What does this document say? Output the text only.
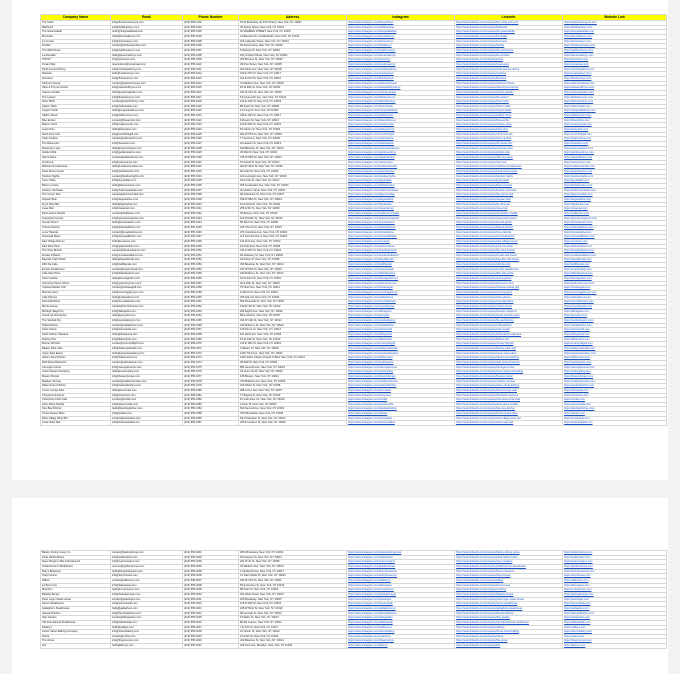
Company Name	Email	Phone Number	Address	Instagram	LinkedIn	Website Link
The Sushi	info@thesushinewyork.com	(212) 555-0101	15 W Broadway (at 27th Street), New York, NY 10001	https://www.instagram.com/thesushinyc	https://www.linkedin.com/company/the-sushi-new-york	https://thesushinewyork.com
Bellboard	info@bellboardnyc.com	(212) 555-0102	26 Spring Street, New York, NY 10012	https://www.instagram.com/bellboardnyc	https://www.linkedin.com/company/bellboard	https://bellboardnyc.com
The Great Kabab	order@thegreatkabab.com	(212) 555-0103	40 WARREN STREET, New York, NY 10007	https://www.instagram.com/thegreatkabab	https://www.linkedin.com/company/the-great-kabab	https://thegreatkabab.com
Bombelle	hello@bombellenyc.com	(212) 555-0104	41 Bleecker St, (At Elizabeth), New York, NY 10012	https://www.instagram.com/bombellenyc	https://www.linkedin.com/company/bombelle	https://bombellenyc.com
La Crossa	info@lacrossanyc.com	(212) 555-0105	100 Lafayette Street, New York, NY 10013	https://www.instagram.com/lacrossanyc	https://www.linkedin.com/company/la-crossa	https://lacrossanyc.com
Frankie	contact@frankiespuntino.com	(212) 555-0106	92 Second Ave, New York, NY 10003	https://www.instagram.com/frankienyc	https://www.linkedin.com/company/frankie	https://frankiespuntino.com
The Wolf House	info@wolfhousenyc.com	(212) 555-0107	5 Waverly Pl, New York, NY 10003	https://www.instagram.com/wolfhousenyc	https://www.linkedin.com/company/the-wolf-house	https://wolfhousenyc.com
La Mercado	hello@lamercadonyc.com	(212) 555-0108	181 Orchard Street, New York, NY 10002	https://www.instagram.com/lamercadonyc	https://www.linkedin.com/company/la-mercado	https://lamercadonyc.com
PIXXIO	info@pixxionyc.com	(212) 555-0109	325 Broome St, New York, NY 10002	https://www.instagram.com/pixxionyc	https://www.linkedin.com/company/pixxio	https://pixxionyc.com
Ocean Way	reservations@oceanway.com	(212) 555-0110	29 Pine Street, New York, NY 10005	https://www.instagram.com/oceanwaynyc	https://www.linkedin.com/company/ocean-way	https://oceanway.com
Ninth Avenue Dining	info@ninthavedining.com	(212) 555-0111	462 Ninth Ave, New York, NY 10018	https://www.instagram.com/ninthavedining	https://www.linkedin.com/company/ninth-avenue-dining	https://ninthavedining.com
Marlowe	hello@marlowenyc.com	(212) 555-0112	150 E 47th St, New York, NY 10017	https://www.instagram.com/marlowenyc	https://www.linkedin.com/company/marlowe	https://marlowenyc.com
Firestone	info@firestonenyc.com	(212) 555-0113	110 E 23rd St, New York, NY 10010	https://www.instagram.com/firestonenyc	https://www.linkedin.com/company/firestone	https://firestonenyc.com
Paterson House	contact@patersonhouse.com	(212) 555-0114	72 Madison Ave, New York, NY 10016	https://www.instagram.com/patersonhouse	https://www.linkedin.com/company/paterson-house	https://patersonhouse.com
Olive & Thyme Kitchen	info@oliveandthyme.com	(212) 555-0115	18 W 29th St, New York, NY 10001	https://www.instagram.com/oliveandthymenyc	https://www.linkedin.com/company/olive-thyme-kitchen	https://oliveandthyme.com
Uptown Garden	hello@uptowngarden.com	(212) 555-0116	331 W 51st St, New York, NY 10019	https://www.instagram.com/uptowngarden	https://www.linkedin.com/company/uptown-garden	https://uptowngarden.com
The Lantern	info@thelanternnyc.com	(212) 555-0117	54 Greenwich Ave, New York, NY 10011	https://www.instagram.com/thelanternnyc	https://www.linkedin.com/company/the-lantern	https://thelanternnyc.com
Silver Birch	contact@silverbirchnyc.com	(212) 555-0118	212 E 10th St, New York, NY 10003	https://www.instagram.com/silverbirchnyc	https://www.linkedin.com/company/silver-birch	https://silverbirchnyc.com
Harbor Table	info@harbortable.com	(212) 555-0119	88 South St, New York, NY 10038	https://www.instagram.com/harbortable	https://www.linkedin.com/company/harbor-table	https://harbortable.com
Copper Kettle	hello@copperkettlenyc.com	(212) 555-0120	14 Irving Pl, New York, NY 10003	https://www.instagram.com/copperkettlenyc	https://www.linkedin.com/company/copper-kettle	https://copperkettlenyc.com
Saffron Room	info@saffronroom.com	(212) 555-0121	245 E 44th St, New York, NY 10017	https://www.instagram.com/saffronroom	https://www.linkedin.com/company/saffron-room	https://saffronroom.com
Blue Ember	contact@blueember.com	(212) 555-0122	9 Doyers St, New York, NY 10013	https://www.instagram.com/blueembernyc	https://www.linkedin.com/company/blue-ember	https://blueember.com
Maison Verte	info@maisonverte.com	(212) 555-0123	120 E 56th St, New York, NY 10022	https://www.instagram.com/maisonverte	https://www.linkedin.com/company/maison-verte	https://maisonverte.com
Lucky Pine	hello@luckypine.com	(212) 555-0124	63 Clinton St, New York, NY 10002	https://www.instagram.com/luckypinenyc	https://www.linkedin.com/company/lucky-pine	https://luckypine.com
North Fork Grill	info@northforkgrill.com	(212) 555-0125	301 W 57th St, New York, NY 10019	https://www.instagram.com/northforkgrill	https://www.linkedin.com/company/north-fork-grill	https://northforkgrill.com
Cielo Cantina	contact@cielocantina.com	(212) 555-0126	77 Avenue A, New York, NY 10009	https://www.instagram.com/cielocantina	https://www.linkedin.com/company/cielo-cantina	https://cielocantina.com
The Brass Hen	info@brasshen.com	(212) 555-0127	44 Hudson St, New York, NY 10013	https://www.instagram.com/thebrasshen	https://www.linkedin.com/company/the-brass-hen	https://brasshen.com
Rosemary Lane	hello@rosemarylane.com	(212) 555-0128	190 Bleecker St, New York, NY 10012	https://www.instagram.com/rosemarylanenyc	https://www.linkedin.com/company/rosemary-lane	https://rosemarylane.com
Golden Wok	info@goldenwoknyc.com	(212) 555-0129	36 Mott St, New York, NY 10013	https://www.instagram.com/goldenwoknyc	https://www.linkedin.com/company/golden-wok	https://goldenwoknyc.com
Salt & Stone	contact@saltandstone.com	(212) 555-0130	215 W 28th St, New York, NY 10001	https://www.instagram.com/saltandstone	https://www.linkedin.com/company/salt-and-stone	https://saltandstone.com
Via Roma	info@viaromanyc.com	(212) 555-0131	51 Grand St, New York, NY 10013	https://www.instagram.com/viaromanyc	https://www.linkedin.com/company/via-roma	https://viaromanyc.com
Midtown Smokehouse	hello@midtownsmoke.com	(212) 555-0132	400 W 42nd St, New York, NY 10036	https://www.instagram.com/midtownsmoke	https://www.linkedin.com/company/midtown-smokehouse	https://midtownsmoke.com
Pearl Street Oyster	info@pearlstoyster.com	(212) 555-0133	60 Pearl St, New York, NY 10004	https://www.instagram.com/pearlstoyster	https://www.linkedin.com/company/pearl-street-oyster	https://pearlstoyster.com
Tandoor Nights	contact@tandoornights.com	(212) 555-0134	122 Lexington Ave, New York, NY 10016	https://www.instagram.com/tandoornights	https://www.linkedin.com/company/tandoor-nights	https://tandoornights.com
Kyoto Table	info@kyototable.com	(212) 555-0135	18 E 41st St, New York, NY 10017	https://www.instagram.com/kyototable	https://www.linkedin.com/company/kyoto-table	https://kyototable.com
Bistro Lumiere	hello@bistrolumiere.com	(212) 555-0136	305 Amsterdam Ave, New York, NY 10023	https://www.instagram.com/bistrolumiere	https://www.linkedin.com/company/bistro-lumiere	https://bistrolumiere.com
Hudson Yard Eats	info@hudsonyardeats.com	(212) 555-0137	20 Hudson Yards, New York, NY 10001	https://www.instagram.com/hudsonyardeats	https://www.linkedin.com/company/hudson-yard-eats	https://hudsonyardeats.com
The Corner Deli	contact@thecornerdeli.com	(212) 555-0138	99 Chambers St, New York, NY 10007	https://www.instagram.com/thecornerdeli	https://www.linkedin.com/company/the-corner-deli	https://thecornerdeli.com
Aegean Blue	info@aegeanblue.com	(212) 555-0139	158 W 58th St, New York, NY 10019	https://www.instagram.com/aegeanblue	https://www.linkedin.com/company/aegean-blue	https://aegeanblue.com
Fig & Olive Bar	hello@figolivebar.com	(212) 555-0140	10 E 52nd St, New York, NY 10022	https://www.instagram.com/figolivebar	https://www.linkedin.com/company/fig-olive-bar	https://figolivebar.com
Casa Miel	info@casamiel.com	(212) 555-0141	255 E 5th St, New York, NY 10003	https://www.instagram.com/casamielnyc	https://www.linkedin.com/company/casa-miel	https://casamiel.com
Red Lantern Noodle	contact@redlantern.com	(212) 555-0142	46 Bowery, New York, NY 10013	https://www.instagram.com/redlanternnoodle	https://www.linkedin.com/company/red-lantern-noodle	https://redlantern.com
Greenpoint Grocer	info@greenpointgrocer.com	(212) 555-0143	113 Franklin St, New York, NY 10013	https://www.instagram.com/greenpointgrocer	https://www.linkedin.com/company/greenpoint-grocer	https://greenpointgrocer.com
Sunset Tavern	hello@sunsettavern.com	(212) 555-0144	85 West St, New York, NY 10006	https://www.instagram.com/sunsettavern	https://www.linkedin.com/company/sunset-tavern	https://sunsettavern.com
Tribeca Kitchen	info@tribecakitchen.com	(212) 555-0145	160 Church St, New York, NY 10007	https://www.instagram.com/tribecakitchen	https://www.linkedin.com/company/tribeca-kitchen	https://tribecakitchen.com
Luna Trattoria	contact@lunatrattoria.com	(212) 555-0146	274 Columbus Ave, New York, NY 10023	https://www.instagram.com/lunatrattoria	https://www.linkedin.com/company/luna-trattoria	https://lunatrattoria.com
Stonewall Bistro	info@stonewallbistro.com	(212) 555-0147	113 Seventh Ave S, New York, NY 10014	https://www.instagram.com/stonewallbistro	https://www.linkedin.com/company/stonewall-bistro	https://stonewallbistro.com
East Village Ramen	hello@evramen.com	(212) 555-0148	141 First Ave, New York, NY 10003	https://www.instagram.com/evramen	https://www.linkedin.com/company/east-village-ramen	https://evramen.com
Park Row Diner	info@parkrowdiner.com	(212) 555-0149	15 Park Row, New York, NY 10038	https://www.instagram.com/parkrowdiner	https://www.linkedin.com/company/park-row-diner	https://parkrowdiner.com
The Olive Branch	contact@theolivebranch.com	(212) 555-0150	231 E 50th St, New York, NY 10022	https://www.instagram.com/theolivebranch	https://www.linkedin.com/company/the-olive-branch	https://theolivebranch.com
Smoke & Barrel	info@smokeandbarrel.com	(212) 555-0151	90 Delancey St, New York, NY 10002	https://www.instagram.com/smokeandbarrel	https://www.linkedin.com/company/smoke-and-barrel	https://smokeandbarrel.com
Bayside Crab Shack	hello@baysidecrab.com	(212) 555-0152	22 Fulton St, New York, NY 10038	https://www.instagram.com/baysidecrab	https://www.linkedin.com/company/bayside-crab-shack	https://baysidecrab.com
Wild Fig Cafe	info@wildfigcafe.com	(212) 555-0153	333 Bleecker St, New York, NY 10014	https://www.instagram.com/wildfigcafe	https://www.linkedin.com/company/wild-fig-cafe	https://wildfigcafe.com
Empire Steakhouse	contact@empiresteak.com	(212) 555-0154	237 W 54th St, New York, NY 10019	https://www.instagram.com/empiresteak	https://www.linkedin.com/company/empire-steakhouse	https://empiresteak.com
Little Italy Pizza	info@littleitalypizza.com	(212) 555-0155	180 Mulberry St, New York, NY 10012	https://www.instagram.com/littleitalypizza	https://www.linkedin.com/company/little-italy-pizza	https://littleitalypizza.com
Seoul Garden	hello@seoulgarden.com	(212) 555-0156	34 W 32nd St, New York, NY 10001	https://www.instagram.com/seoulgardennyc	https://www.linkedin.com/company/seoul-garden	https://seoulgarden.com
Gramercy Tavern Room	info@gramercyroom.com	(212) 555-0157	42 E 20th St, New York, NY 10003	https://www.instagram.com/gramercyroom	https://www.linkedin.com/company/gramercy-room	https://gramercyroom.com
Chelsea Market Grill	contact@chelseagrill.com	(212) 555-0158	75 Ninth Ave, New York, NY 10011	https://www.instagram.com/chelseagrill	https://www.linkedin.com/company/chelsea-market-grill	https://chelseagrill.com
Morning Glory	info@morningglorynyc.com	(212) 555-0159	11 Bond St, New York, NY 10012	https://www.instagram.com/morninggloryny	https://www.linkedin.com/company/morning-glory	https://morningglorynyc.com
Cafe Paloma	hello@cafepaloma.com	(212) 555-0160	205 Allen St, New York, NY 10002	https://www.instagram.com/cafepaloma	https://www.linkedin.com/company/cafe-paloma	https://cafepaloma.com
Riverside Bistro	info@riversidebistro.com	(212) 555-0161	500 Riverside Dr, New York, NY 10027	https://www.instagram.com/riversidebistro	https://www.linkedin.com/company/riverside-bistro	https://riversidebistro.com
Mezze House	contact@mezzehouse.com	(212) 555-0162	133 W 3rd St, New York, NY 10012	https://www.instagram.com/mezzehouse	https://www.linkedin.com/company/mezze-house	https://mezzehouse.com
Brooklyn Bagel Co	info@bkbagelco.com	(212) 555-0163	286 Eighth Ave, New York, NY 10001	https://www.instagram.com/bkbagelco	https://www.linkedin.com/company/brooklyn-bagel-co	https://bkbagelco.com
Grand Central Oyster	hello@gcoyster.com	(212) 555-0164	89 E 42nd St, New York, NY 10017	https://www.instagram.com/gcoyster	https://www.linkedin.com/company/grand-central-oyster	https://gcoyster.com
The Spotted Pig	info@spottedpignyc.com	(212) 555-0165	314 W 11th St, New York, NY 10014	https://www.instagram.com/spottedpignyc	https://www.linkedin.com/company/the-spotted-pig	https://spottedpignyc.com
Nolita Kitchen	contact@nolitakitchen.com	(212) 555-0166	240 Mulberry St, New York, NY 10012	https://www.instagram.com/nolitakitchen	https://www.linkedin.com/company/nolita-kitchen	https://nolitakitchen.com
SoHo Social	info@sohosocial.com	(212) 555-0167	120 Prince St, New York, NY 10012	https://www.instagram.com/sohosocial	https://www.linkedin.com/company/soho-social	https://sohosocial.com
Hell's Kitchen Taqueria	hello@hktaqueria.com	(212) 555-0168	611 Ninth Ave, New York, NY 10036	https://www.instagram.com/hktaqueria	https://www.linkedin.com/company/hells-kitchen-taqueria	https://hktaqueria.com
Flatiron Pho	info@flatironpho.com	(212) 555-0169	19 W 24th St, New York, NY 10010	https://www.instagram.com/flatironpho	https://www.linkedin.com/company/flatiron-pho	https://flatironpho.com
Murray Hill Grill	contact@murrayhillgrill.com	(212) 555-0170	145 E 35th St, New York, NY 10016	https://www.instagram.com/murrayhillgrill	https://www.linkedin.com/company/murray-hill-grill	https://murrayhillgrill.com
Battery Park Cafe	info@batteryparkcafe.com	(212) 555-0171	1 Battery Pl, New York, NY 10004	https://www.instagram.com/batteryparkcafe	https://www.linkedin.com/company/battery-park-cafe	https://batteryparkcafe.com
Upper East Eatery	hello@uppereasteatery.com	(212) 555-0172	1290 Third Ave, New York, NY 10021	https://www.instagram.com/uppereasteatery	https://www.linkedin.com/company/upper-east-eatery	https://uppereasteatery.com
Harlem Soul Kitchen	info@harlemsoul.com	(212) 555-0173	2245 Adam Clayton Powell Jr Blvd, New York, NY 10027	https://www.instagram.com/harlemsoul	https://www.linkedin.com/company/harlem-soul-kitchen	https://harlemsoul.com
Wall Street Brasserie	contact@wsbrasserie.com	(212) 555-0174	48 Wall St, New York, NY 10005	https://www.instagram.com/wsbrasserie	https://www.linkedin.com/company/wall-street-brasserie	https://wsbrasserie.com
Carnegie Corner	info@carnegiecorner.com	(212) 555-0175	854 Seventh Ave, New York, NY 10019	https://www.instagram.com/carnegiecorner	https://www.linkedin.com/company/carnegie-corner	https://carnegiecorner.com
Union Square Dumpling	hello@usdumpling.com	(212) 555-0176	33 Union Sq W, New York, NY 10003	https://www.instagram.com/usdumpling	https://www.linkedin.com/company/union-square-dumpling	https://usdumpling.com
Bowery Burger	info@boweryburger.com	(212) 555-0177	168 Bowery, New York, NY 10012	https://www.instagram.com/boweryburger	https://www.linkedin.com/company/bowery-burger	https://boweryburger.com
Madison Terrace	contact@madisonterrace.com	(212) 555-0178	700 Madison Ave, New York, NY 10065	https://www.instagram.com/madisonterrace	https://www.linkedin.com/company/madison-terrace	https://madisonterrace.com
Water Street Kitchen	info@waterstkitchen.com	(212) 555-0179	199 Water St, New York, NY 10038	https://www.instagram.com/waterstkitchen	https://www.linkedin.com/company/water-street-kitchen	https://waterstkitchen.com
Lenox Lounge Eats	hello@lenoxeats.com	(212) 555-0180	288 Lenox Ave, New York, NY 10027	https://www.instagram.com/lenoxeats	https://www.linkedin.com/company/lenox-lounge-eats	https://lenoxeats.com
Chinatown Express	info@ctexpress.com	(212) 555-0181	77 Bayard St, New York, NY 10013	https://www.instagram.com/ctexpress	https://www.linkedin.com/company/chinatown-express	https://ctexpress.com
Columbus Circle Cafe	contact@cccafe.com	(212) 555-0182	10 Columbus Cir, New York, NY 10019	https://www.instagram.com/cccafe	https://www.linkedin.com/company/columbus-circle-cafe	https://cccafe.com
Astor Place Noodle	info@astornoodle.com	(212) 555-0183	4 Astor Pl, New York, NY 10003	https://www.instagram.com/astornoodle	https://www.linkedin.com/company/astor-place-noodle	https://astornoodle.com
Kips Bay Kitchen	hello@kipsbaykitchen.com	(212) 555-0184	540 Second Ave, New York, NY 10016	https://www.instagram.com/kipsbaykitchen	https://www.linkedin.com/company/kips-bay-kitchen	https://kipsbaykitchen.com
Times Square Bites	info@tsbites.com	(212) 555-0185	1501 Broadway, New York, NY 10036	https://www.instagram.com/tsbites	https://www.linkedin.com/company/times-square-bites	https://tsbites.com
West Village Wine Bar	contact@wvwinebar.com	(212) 555-0186	59 Christopher St, New York, NY 10014	https://www.instagram.com/wvwinebar	https://www.linkedin.com/company/west-village-wine-bar	https://wvwinebar.com
Lower East Deli	info@lowereastdeli.com	(212) 555-0187	205 E Houston St, New York, NY 10002	https://www.instagram.com/lowereastdeli	https://www.linkedin.com/company/lower-east-deli	https://lowereastdeli.com
Battery Dining Group Co	contact@batterydining.com	(212) 555-0201	1801 Broadway, New York, NY 10019	https://www.instagram.com/batterydininggroup	https://www.linkedin.com/company/battery-dining-group	https://batterydining.com
Pride Harbor Bistro	info@prideharbor.com	(212) 555-0202	36 Peppers St, New York, NY 10013	https://www.instagram.com/prideharbor	https://www.linkedin.com/company/pride-harbor-bistro	https://prideharbor.com
Ryan Morgan's Bar & Restaurant	info@ryanmorgans.com	(212) 555-0203	261 W 34 St, New York, NY 10036	https://www.instagram.com/ryanmorgans	https://www.linkedin.com/company/ryan-morgans	https://ryanmorgans.com
Goldenstone's Steakhouse	reserve@goldenstones.com	(212) 555-0204	45 Madison Ave, New York, NY 10010	https://www.instagram.com/goldenstones	https://www.linkedin.com/company/goldenstones-steakhouse	https://goldenstones.com
Bray's Brasserie	hello@braysbrasserie.com	(212) 555-0205	1 Vanderbilt Ave, New York, NY 10017	https://www.instagram.com/braysbrasserie	https://www.linkedin.com/company/brays-brasserie	https://braysbrasserie.com
Tokyo House	info@tokyohouse.com	(212) 555-0206	14 Saint Marks Pl, New York, NY 10003	https://www.instagram.com/tokyohousenyc	https://www.linkedin.com/company/tokyo-house	https://tokyohouse.com
Willow	contact@willownyc.com	(212) 555-0207	260 W 15th St, New York, NY 10011	https://www.instagram.com/willownyc	https://www.linkedin.com/company/willow	https://willownyc.com
La Boca Ana	info@labocaana.com	(212) 555-0208	50 E Houston St, New York, NY 10012	https://www.instagram.com/labocaana	https://www.linkedin.com/company/la-boca-ana	https://labocaana.com
Murphy's	hello@murphysnyc.com	(212) 555-0209	88 Pearl St, New York, NY 10004	https://www.instagram.com/murphysnyc	https://www.linkedin.com/company/murphys	https://murphysnyc.com
Beltway Burger	info@beltwayburger.com	(212) 555-0210	181 West Street, New York, NY 10007	https://www.instagram.com/beltwayburger	https://www.linkedin.com/company/beltway-burger	https://beltwayburger.com
Peter Luger Steak House	contact@peterluger.com	(212) 555-0211	265 Broadway, New York, NY 10007	https://www.instagram.com/peterluger	https://www.linkedin.com/company/peter-luger-steak-house	https://peterluger.com
Saxon Steakhouse	info@saxonsteak.com	(212) 555-0212	125 E 54th St, New York, NY 10022	https://www.instagram.com/saxonsteak	https://www.linkedin.com/company/saxon-steakhouse	https://saxonsteak.com
Gallagher's Steakhouse	hello@gallaghers.com	(212) 555-0213	228 W 52nd St, New York, NY 10019	https://www.instagram.com/gallaghersnyc	https://www.linkedin.com/company/gallaghers-steakhouse	https://gallaghers.com
Harvest Kitchen	info@harvestkitchen.com	(212) 555-0214	68 Leonard St, New York, NY 10013	https://www.instagram.com/harvestkitchen	https://www.linkedin.com/company/harvest-kitchen	https://harvestkitchen.com
Skip Garden	contact@skipgarden.com	(212) 555-0215	15 Watts St, New York, NY 10013	https://www.instagram.com/skipgarden	https://www.linkedin.com/company/skip-garden	https://skipgarden.com
Old International Steakhouse	info@oldintlsteak.com	(212) 555-0216	86 8th Avenue, New York, NY 10011	https://www.instagram.com/oldintlsteak	https://www.linkedin.com/company/old-international-steakhouse	https://oldintlsteak.com
Radley's	hello@radleys.com	(212) 555-0217	7 E 47th St, New York, NY 10017	https://www.instagram.com/radleysnyc	https://www.linkedin.com/company/radleys	https://radleys.com
Clover Street Baking Company	info@cloverbaking.com	(212) 555-0218	10 Clover St, New York, NY 10013	https://www.instagram.com/cloverbaking	https://www.linkedin.com/company/clover-street-baking	https://cloverbaking.com
Vulina	contact@vulina.com	(212) 555-0219	47 E 5th St, New York, NY 10003	https://www.instagram.com/vulinanyc	https://www.linkedin.com/company/vulina	https://vulina.com
The Grove	info@thegrovenyc.com	(212) 555-0220	314 Bleecker St, New York, NY 10014	https://www.instagram.com/thegrovenyc	https://www.linkedin.com/company/the-grove	https://thegrovenyc.com
Kilo	hello@kilonyc.com	(212) 555-0221	320 Kent Ave, Brooklyn, New York, NY 11249	https://www.instagram.com/kilonyc	https://www.linkedin.com/company/kilo	https://kilonyc.com
